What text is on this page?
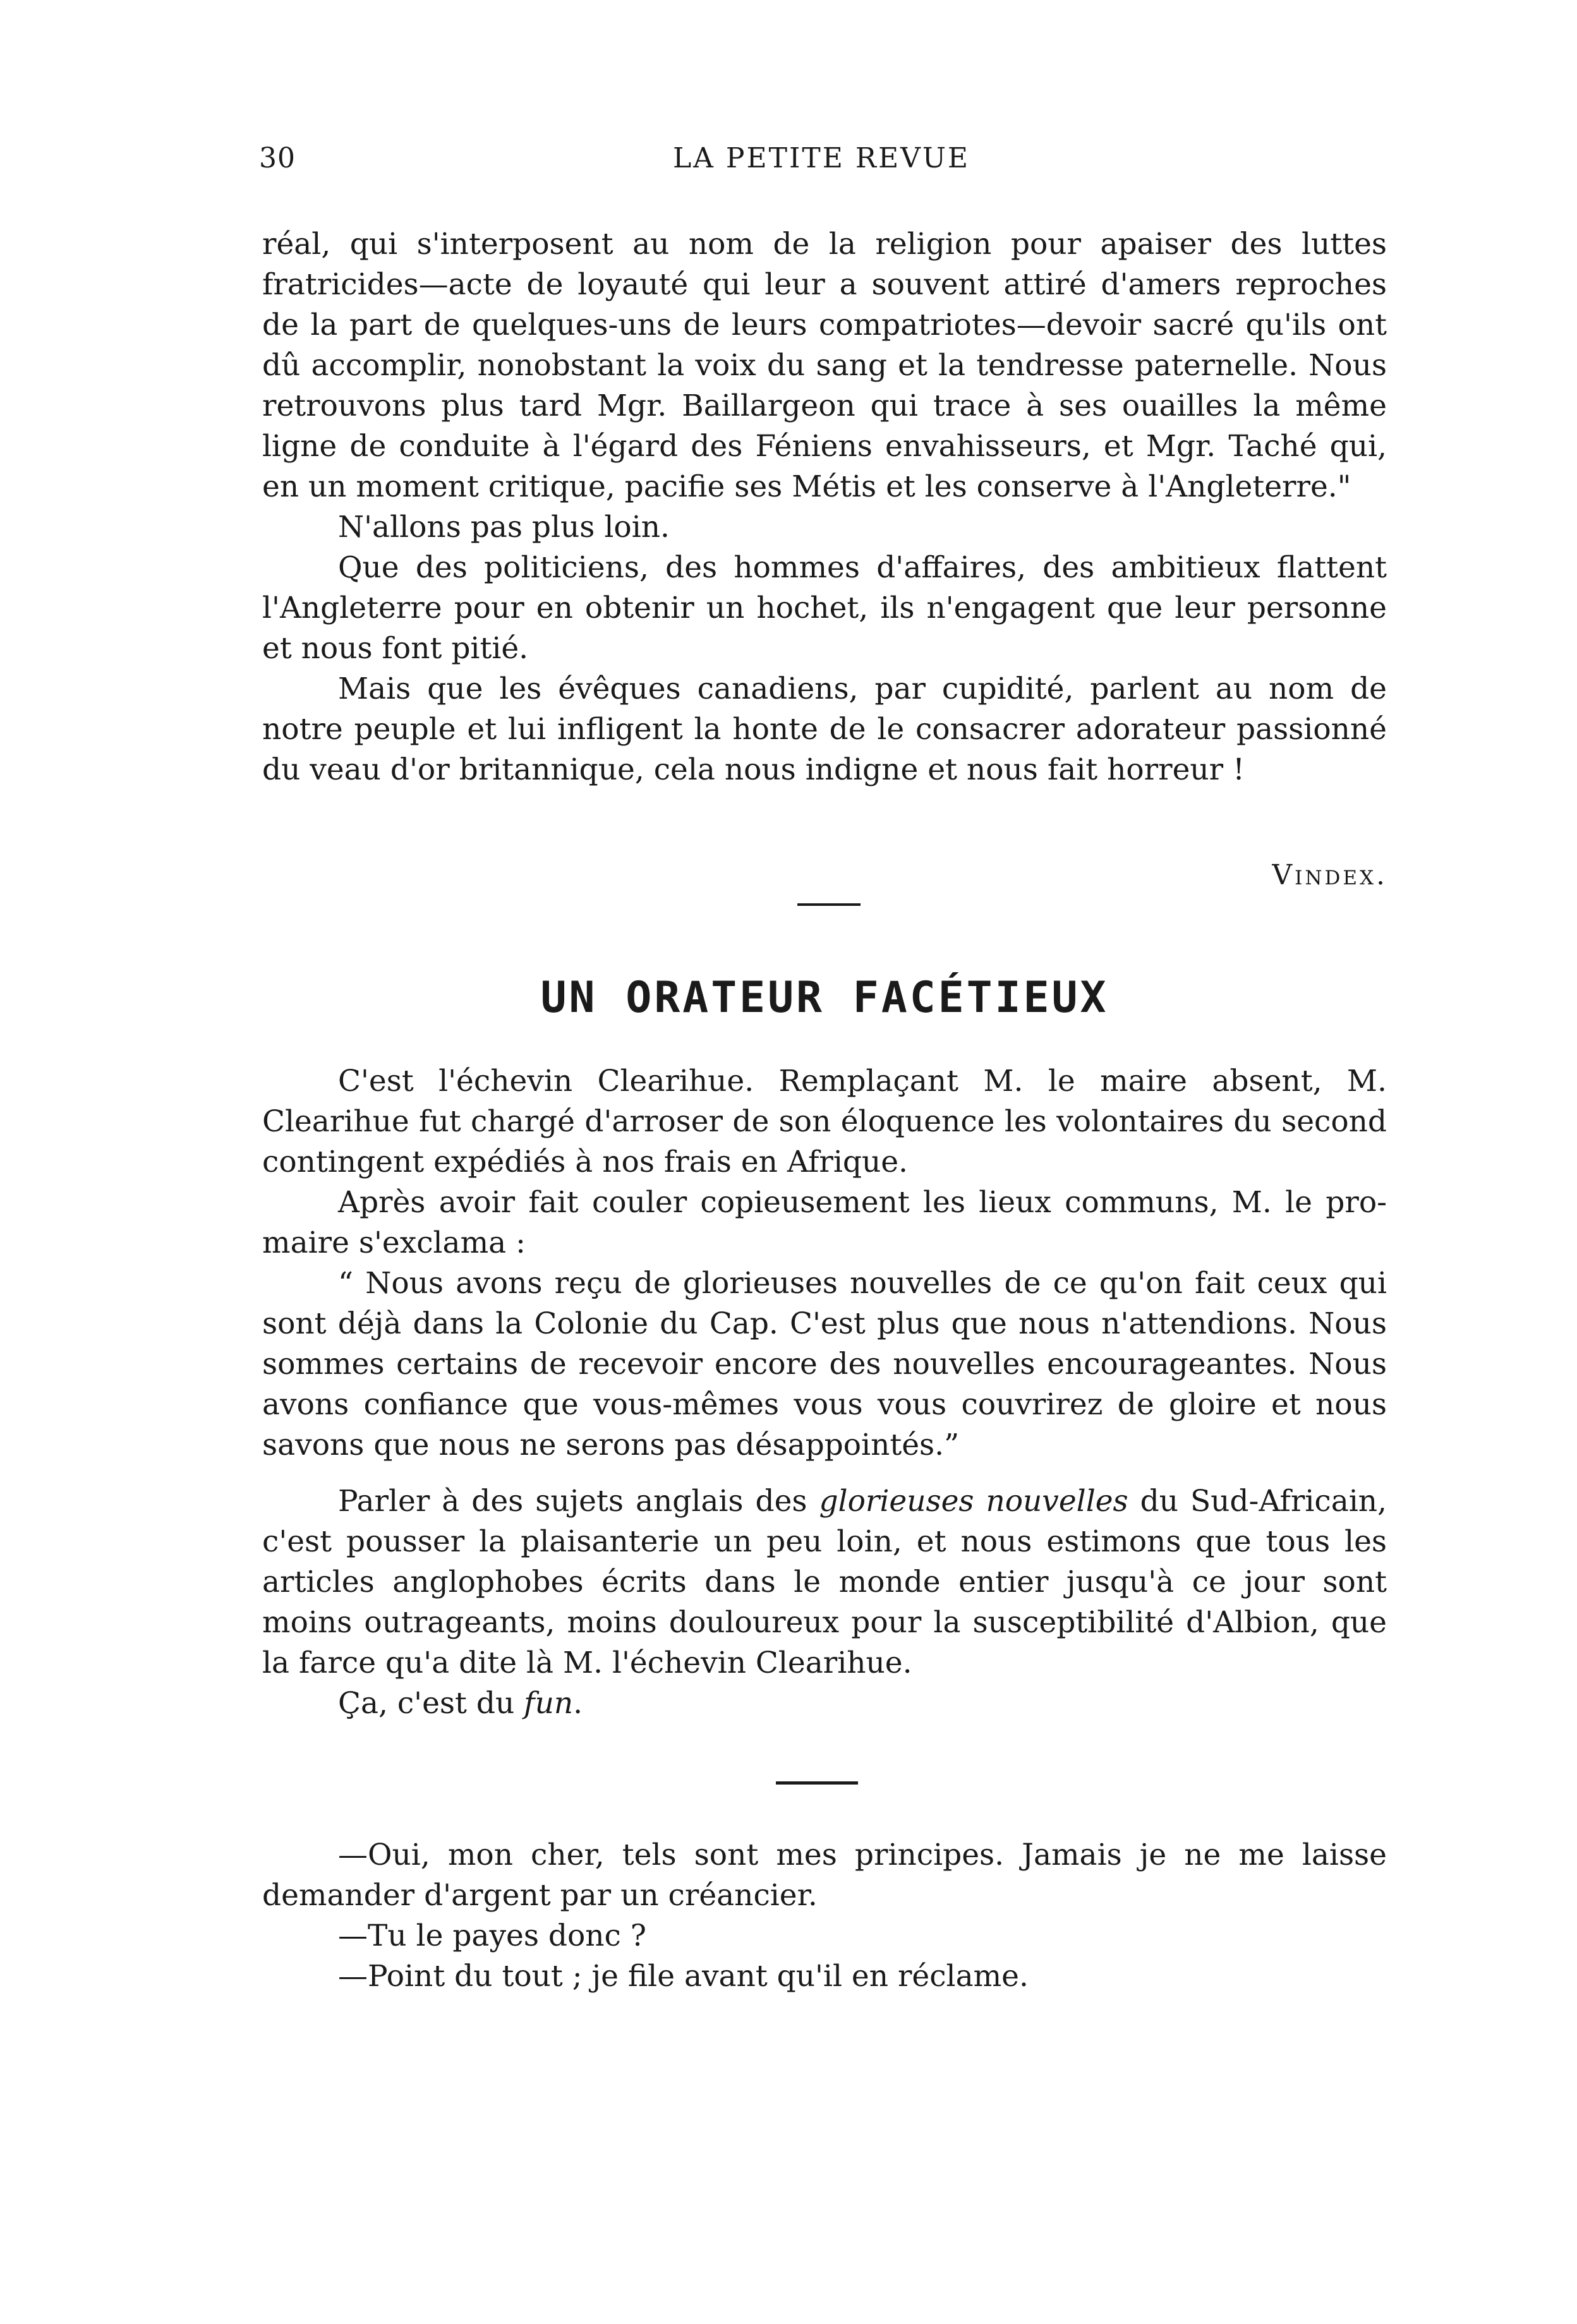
30	LA PETITE REVUE

réal, qui s'interposent au nom de la religion pour apaiser des luttes fratricides—acte de loyauté qui leur a souvent attiré d'amers reproches de la part de quelques-uns de leurs compatriotes—devoir sacré qu'ils ont dû accomplir, nonobstant la voix du sang et la tendresse paternelle. Nous retrouvons plus tard Mgr. Baillargeon qui trace à ses ouailles la même ligne de conduite à l'égard des Féniens envahisseurs, et Mgr. Taché qui, en un moment critique, pacifie ses Métis et les conserve à l'Angleterre."

N'allons pas plus loin.

Que des politiciens, des hommes d'affaires, des ambitieux flattent l'Angleterre pour en obtenir un hochet, ils n'engagent que leur personne et nous font pitié.

Mais que les évêques canadiens, par cupidité, parlent au nom de notre peuple et lui infligent la honte de le consacrer adorateur passionné du veau d'or britannique, cela nous indigne et nous fait horreur !

Vindex.
UN ORATEUR FACÉTIEUX

C'est l'échevin Clearihue. Remplaçant M. le maire absent, M. Clearihue fut chargé d'arroser de son éloquence les volontaires du second contingent expédiés à nos frais en Afrique.

Après avoir fait couler copieusement les lieux communs, M. le pro-maire s'exclama :

“ Nous avons reçu de glorieuses nouvelles de ce qu'on fait ceux qui sont déjà dans la Colonie du Cap. C'est plus que nous n'attendions. Nous sommes certains de recevoir encore des nouvelles encourageantes. Nous avons confiance que vous-mêmes vous vous couvrirez de gloire et nous savons que nous ne serons pas désappointés.”

Parler à des sujets anglais des glorieuses nouvelles du Sud-Africain, c'est pousser la plaisanterie un peu loin, et nous estimons que tous les articles anglophobes écrits dans le monde entier jusqu'à ce jour sont moins outrageants, moins douloureux pour la susceptibilité d'Albion, que la farce qu'a dite là M. l'échevin Clearihue.

Ça, c'est du fun.

—Oui, mon cher, tels sont mes principes. Jamais je ne me laisse demander d'argent par un créancier.

—Tu le payes donc ?

—Point du tout ; je file avant qu'il en réclame.
